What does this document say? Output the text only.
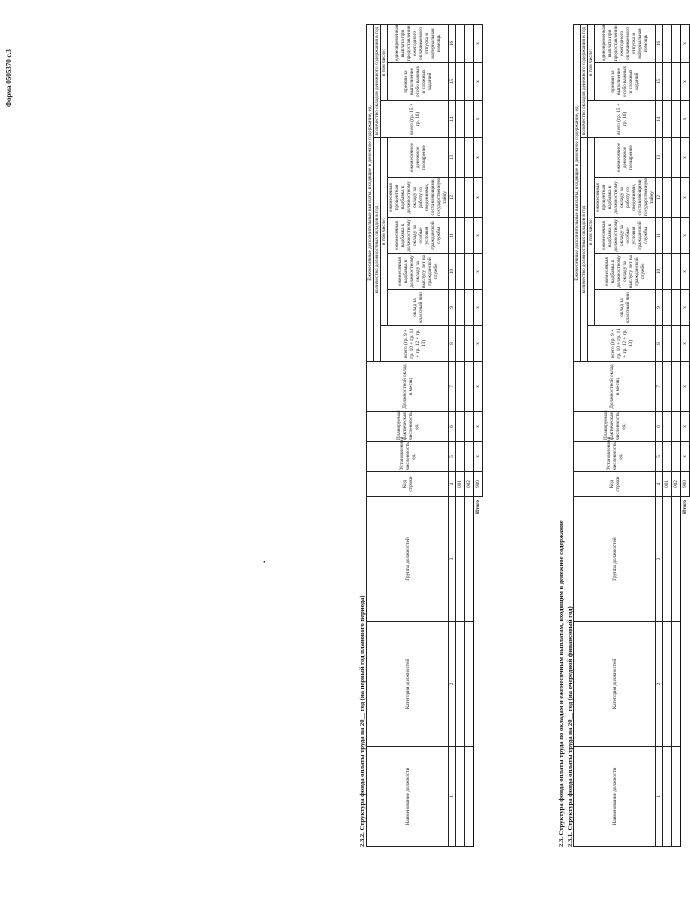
Форма 0505370 с.3
2.3. Структура фонда оплаты труда по окладам и ежемесячным выплатам, входящим в денежное содержание 2.3.1. Структура фонда оплаты труда на 20__ год (на очередной финансовый год)	Наименование должности	Категория должностей	Группа должностей	Код строки	Установленная численность, ед.	Планируемая фактическая численность, ед.	Должностной оклад в месяц	Ежемесячные дополнительные выплаты, входящие в денежное содержание, ед.								
							количество должностных окладов в год						количество окладов денежного содержания в год		
							всего (гр. 9 + гр. 10 + гр. 11 + гр. 12 + гр. 13)	в том числе:					всего (гр. 15 + гр. 16)	в том числе:	
								оклад за классный чин	ежемесячная надбавка к должностному окладу за выслугу лет на гражданской службе	ежемесячная надбавка к должностному окладу за особые условия гражданской службы	ежемесячная процентная надбавка к должностному окладу за работу со сведениями, составляющими государственную тайну	ежемесячное денежное поощрение		премии за выполнение особо важных и сложных заданий	единовременная выплата при предоставлении ежегодного оплачиваемого отпуска и материальная помощь
1	2	3	4	5	6	7	8	9	10	11	12	13	14	15	16
			001												
			002												
		Итого	900	x	x	x	x	x	x	x	x	x	x	x	x
•
2.3.2. Структура фонда оплаты труда на 20__ год (на первый год планового периода)	Наименование должности	Категория должностей	Группа должностей	Код строки	Установленная численность, ед.	Планируемая фактическая численность, ед.	Должностной оклад в месяц	Ежемесячные дополнительные выплаты, входящие в денежное содержание, ед.								
							количество должностных окладов в год						количество окладов денежного содержания в год		
							всего (гр. 9 + гр. 10 + гр. 11 + гр. 12 + гр. 13)	в том числе:					всего (гр. 15 + гр. 16)	в том числе:	
								оклад за классный чин	ежемесячная надбавка к должностному окладу за выслугу лет на гражданской службе	ежемесячная надбавка к должностному окладу за особые условия гражданской службы	ежемесячная процентная надбавка к должностному окладу за работу со сведениями, составляющими государственную тайну	ежемесячное денежное поощрение		премии за выполнение особо важных и сложных заданий	единовременная выплата при предоставлении ежегодного оплачиваемого отпуска и материальная помощь
1	2	3	4	5	6	7	8	9	10	11	12	13	14	15	16
			001												
			002												
		Итого	900	x	x	x	x	x	x	x	x	x	x	x	x
